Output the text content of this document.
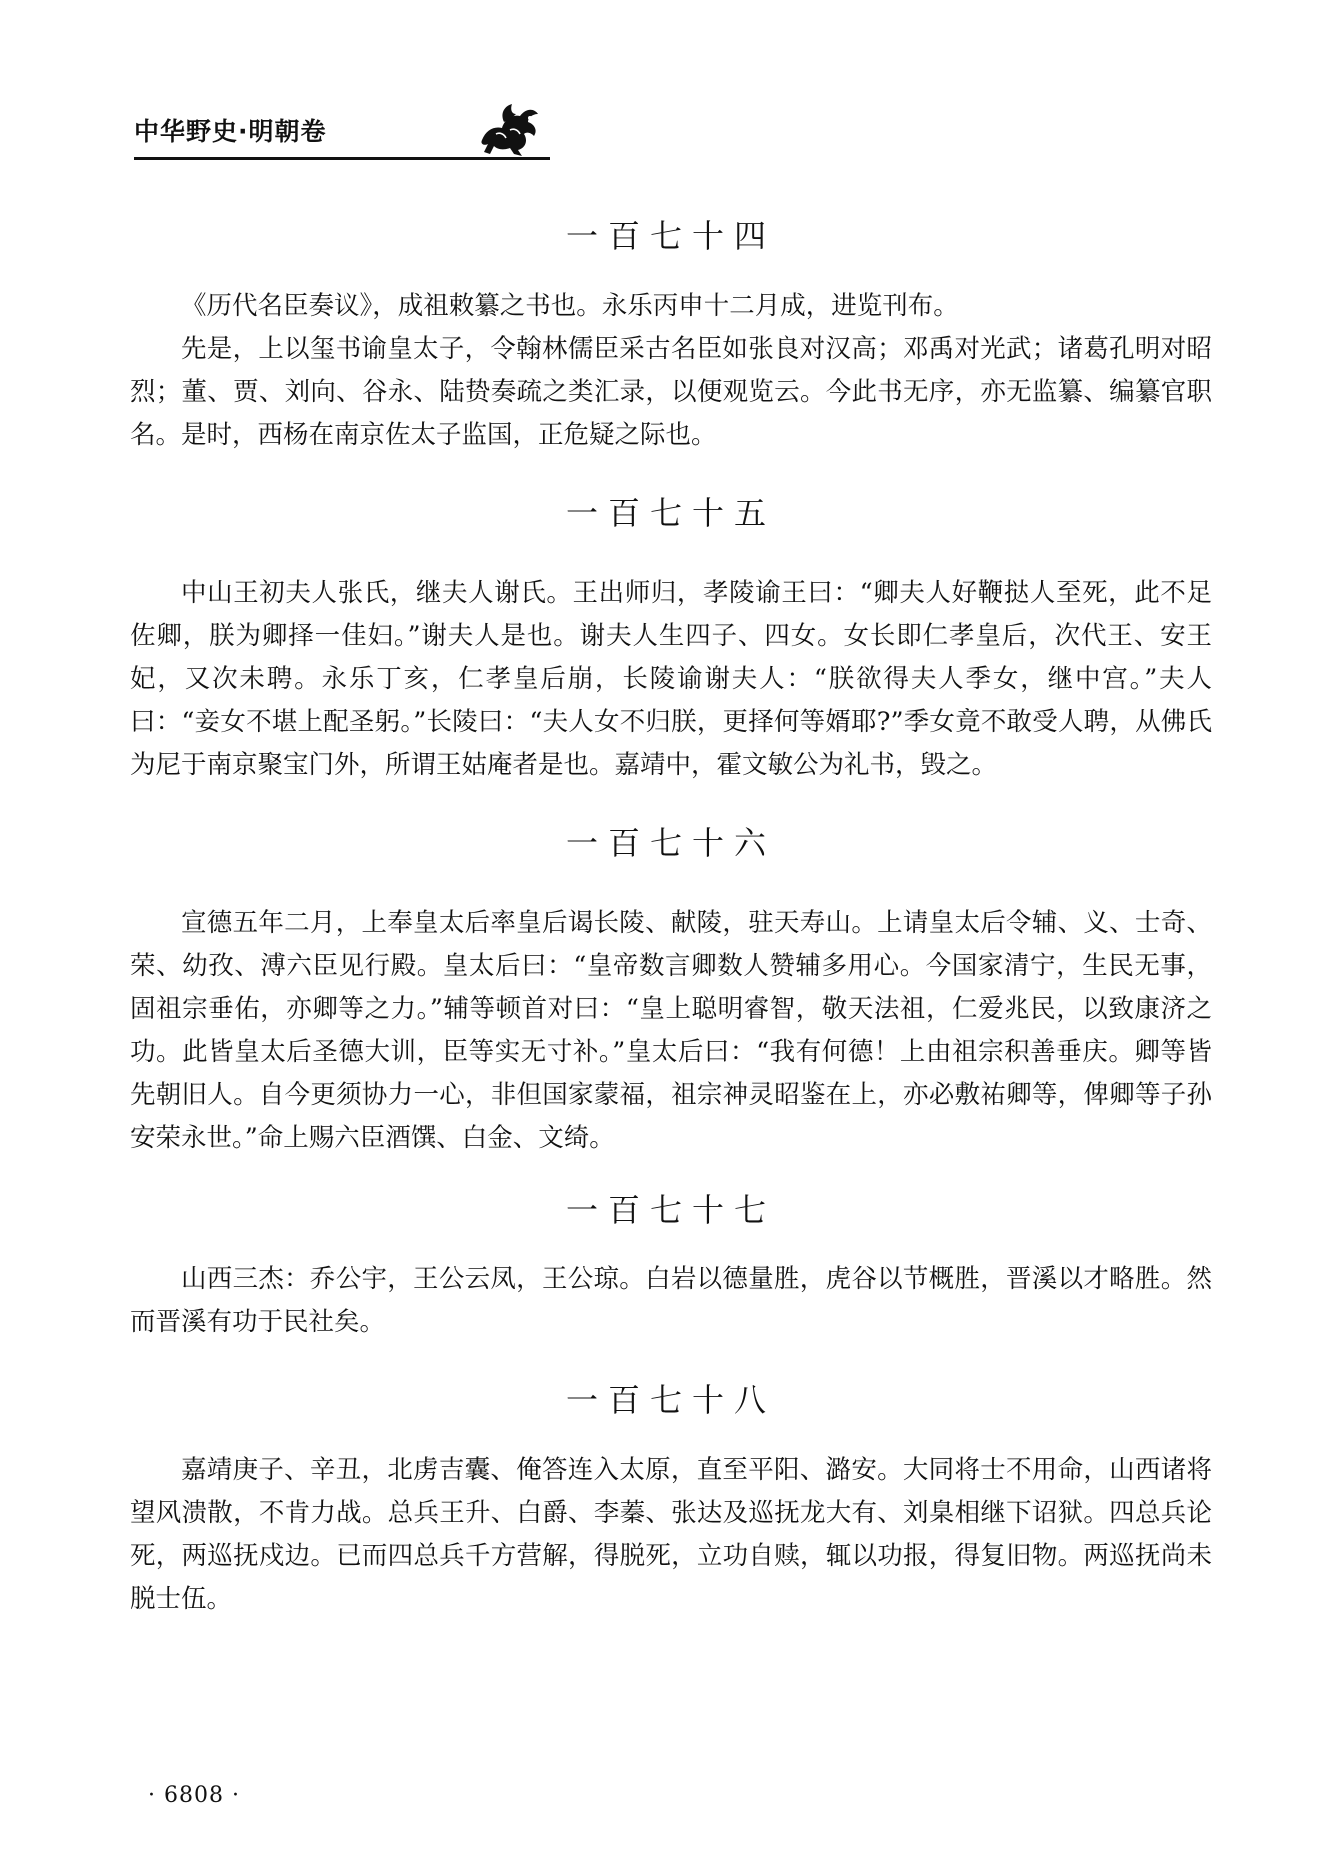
中华野史·明朝卷
一百七十四

《历代名臣奏议》，成祖敕纂之书也。永乐丙申十二月成，进览刊布。

先是，上以玺书谕皇太子，令翰林儒臣采古名臣如张良对汉高；邓禹对光武；诸葛孔明对昭烈；董、贾、刘向、谷永、陆贽奏疏之类汇录，以便观览云。今此书无序，亦无监纂、编纂官职名。是时，西杨在南京佐太子监国，正危疑之际也。

一百七十五

中山王初夫人张氏，继夫人谢氏。王出师归，孝陵谕王曰：“卿夫人好鞭挞人至死，此不足佐卿，朕为卿择一佳妇。”谢夫人是也。谢夫人生四子、四女。女长即仁孝皇后，次代王、安王妃，又次未聘。永乐丁亥，仁孝皇后崩，长陵谕谢夫人：“朕欲得夫人季女，继中宫。”夫人曰：“妾女不堪上配圣躬。”长陵曰：“夫人女不归朕，更择何等婿耶?”季女竟不敢受人聘，从佛氏为尼于南京聚宝门外，所谓王姑庵者是也。嘉靖中，霍文敏公为礼书，毁之。

一百七十六

宣德五年二月，上奉皇太后率皇后谒长陵、献陵，驻天寿山。上请皇太后令辅、义、士奇、荣、幼孜、溥六臣见行殿。皇太后曰：“皇帝数言卿数人赞辅多用心。今国家清宁，生民无事，固祖宗垂佑，亦卿等之力。”辅等顿首对曰：“皇上聪明睿智，敬天法祖，仁爱兆民，以致康济之功。此皆皇太后圣德大训，臣等实无寸补。”皇太后曰：“我有何德！上由祖宗积善垂庆。卿等皆先朝旧人。自今更须协力一心，非但国家蒙福，祖宗神灵昭鉴在上，亦必敷祐卿等，俾卿等子孙安荣永世。”命上赐六臣酒馔、白金、文绮。

一百七十七

山西三杰：乔公宇，王公云凤，王公琼。白岩以德量胜，虎谷以节概胜，晋溪以才略胜。然而晋溪有功于民社矣。

一百七十八

嘉靖庚子、辛丑，北虏吉囊、俺答连入太原，直至平阳、潞安。大同将士不用命，山西诸将望风溃散，不肯力战。总兵王升、白爵、李蓁、张达及巡抚龙大有、刘臬相继下诏狱。四总兵论死，两巡抚戍边。已而四总兵千方营解，得脱死，立功自赎，辄以功报，得复旧物。两巡抚尚未脱士伍。

· 6808 ·
